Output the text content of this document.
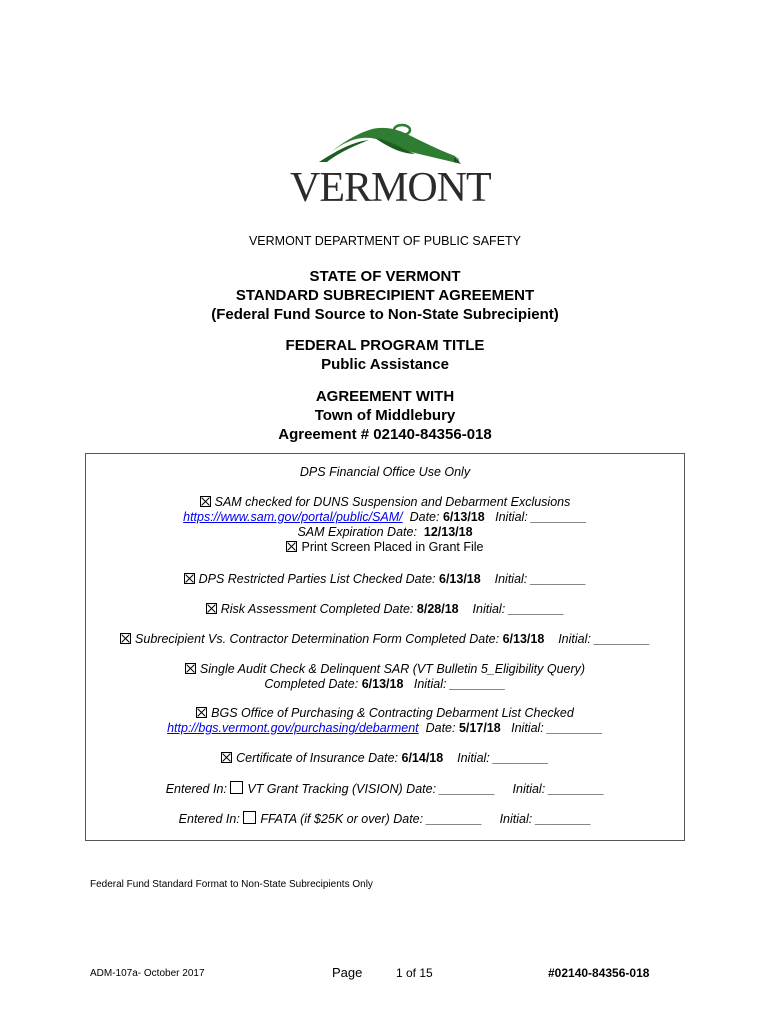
VERMONT
®
VERMONT DEPARTMENT OF PUBLIC SAFETY
STATE OF VERMONT
STANDARD SUBRECIPIENT AGREEMENT
(Federal Fund Source to Non-State Subrecipient)
FEDERAL PROGRAM TITLE
Public Assistance
AGREEMENT WITH
Town of Middlebury
Agreement # 02140-84356-018
DPS Financial Office Use Only
SAM checked for DUNS Suspension and Debarment Exclusions
https://www.sam.gov/portal/public/SAM/ Date: 6/13/18 Initial: ________
SAM Expiration Date: 12/13/18
Print Screen Placed in Grant File
DPS Restricted Parties List Checked Date: 6/13/18 Initial: ________
Risk Assessment Completed Date: 8/28/18 Initial: ________
Subrecipient Vs. Contractor Determination Form Completed Date: 6/13/18 Initial: ________
Single Audit Check & Delinquent SAR (VT Bulletin 5_Eligibility Query)
Completed Date: 6/13/18 Initial: ________
BGS Office of Purchasing & Contracting Debarment List Checked
http://bgs.vermont.gov/purchasing/debarment Date: 5/17/18 Initial: ________
Certificate of Insurance Date: 6/14/18 Initial: ________
Entered In: VT Grant Tracking (VISION) Date: ________ Initial: ________
Entered In: FFATA (if $25K or over) Date: ________ Initial: ________
Federal Fund Standard Format to Non-State Subrecipients Only
ADM-107a- October 2017	Page	1 of 15	#02140-84356-018
